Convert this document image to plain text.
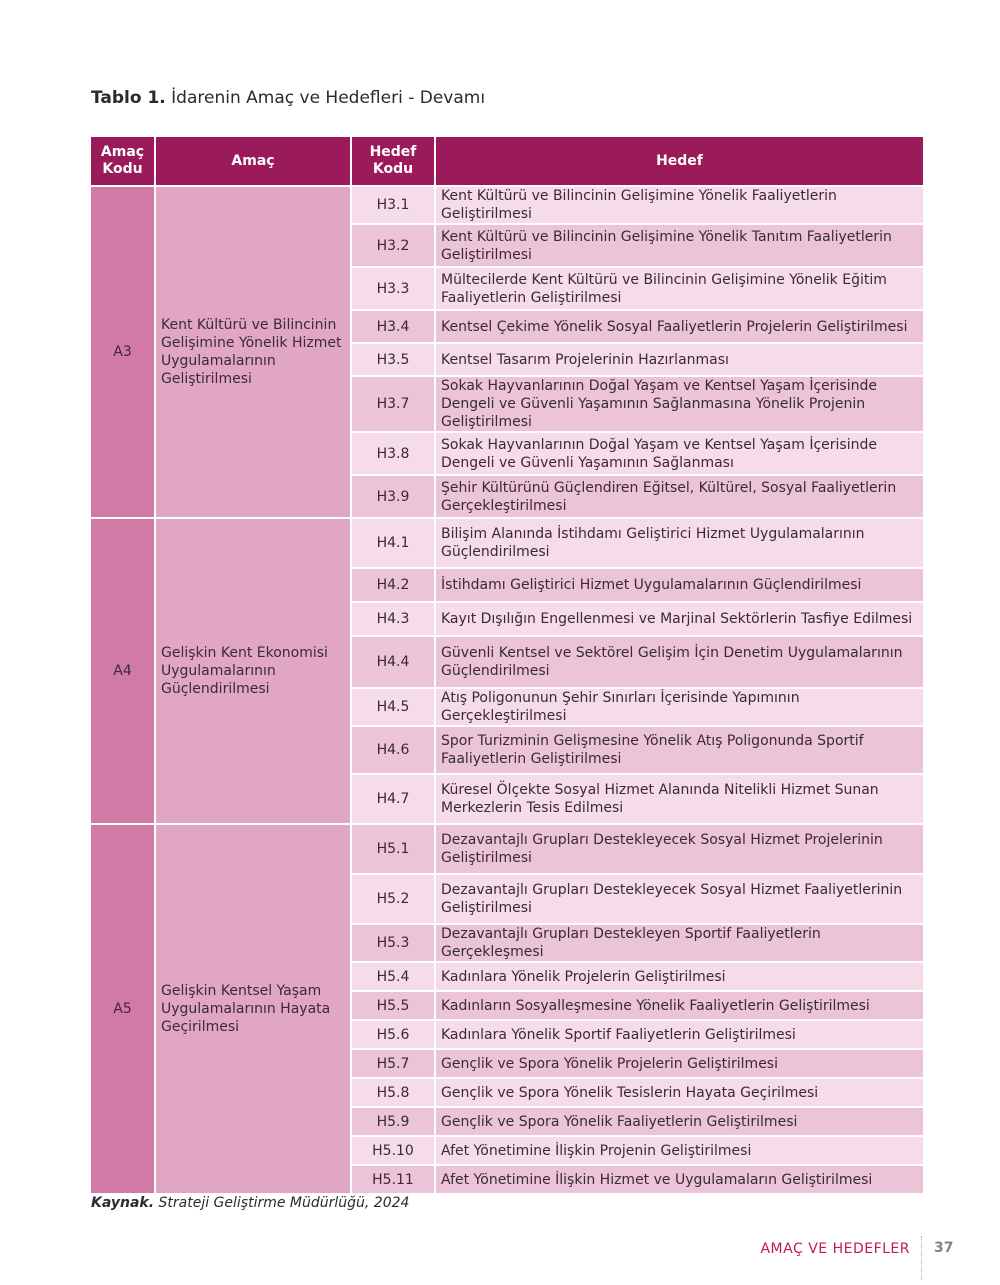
Tablo 1. İdarenin Amaç ve Hedefleri - Devamı
Amaç Kodu	Amaç	Hedef Kodu	Hedef
A3	Kent Kültürü ve Bilincinin Gelişimine Yönelik Hizmet Uygulamalarının Geliştirilmesi	H3.1	Kent Kültürü ve Bilincinin Gelişimine Yönelik Faaliyetlerin Geliştirilmesi
		H3.2	Kent Kültürü ve Bilincinin Gelişimine Yönelik Tanıtım Faaliyetlerin Geliştirilmesi
		H3.3	Mültecilerde Kent Kültürü ve Bilincinin Gelişimine Yönelik Eğitim Faaliyetlerin Geliştirilmesi
		H3.4	Kentsel Çekime Yönelik Sosyal Faaliyetlerin Projelerin Geliştirilmesi
		H3.5	Kentsel Tasarım Projelerinin Hazırlanması
		H3.7	Sokak Hayvanlarının Doğal Yaşam ve Kentsel Yaşam İçerisinde Dengeli ve Güvenli Yaşamının Sağlanmasına Yönelik Projenin Geliştirilmesi
		H3.8	Sokak Hayvanlarının Doğal Yaşam ve Kentsel Yaşam İçerisinde Dengeli ve Güvenli Yaşamının Sağlanması
		H3.9	Şehir Kültürünü Güçlendiren Eğitsel, Kültürel, Sosyal Faaliyetlerin Gerçekleştirilmesi
A4	Gelişkin Kent Ekonomisi Uygulamalarının Güçlendirilmesi	H4.1	Bilişim Alanında İstihdamı Geliştirici Hizmet Uygulamalarının Güçlendirilmesi
		H4.2	İstihdamı Geliştirici Hizmet Uygulamalarının Güçlendirilmesi
		H4.3	Kayıt Dışılığın Engellenmesi ve Marjinal Sektörlerin Tasfiye Edilmesi
		H4.4	Güvenli Kentsel ve Sektörel Gelişim İçin Denetim Uygulamalarının Güçlendirilmesi
		H4.5	Atış Poligonunun Şehir Sınırları İçerisinde Yapımının Gerçekleştirilmesi
		H4.6	Spor Turizminin Gelişmesine Yönelik Atış Poligonunda Sportif Faaliyetlerin Geliştirilmesi
		H4.7	Küresel Ölçekte Sosyal Hizmet Alanında Nitelikli Hizmet Sunan Merkezlerin Tesis Edilmesi
A5	Gelişkin Kentsel Yaşam Uygulamalarının Hayata Geçirilmesi	H5.1	Dezavantajlı Grupları Destekleyecek Sosyal Hizmet Projelerinin Geliştirilmesi
		H5.2	Dezavantajlı Grupları Destekleyecek Sosyal Hizmet Faaliyetlerinin Geliştirilmesi
		H5.3	Dezavantajlı Grupları Destekleyen Sportif Faaliyetlerin Gerçekleşmesi
		H5.4	Kadınlara Yönelik Projelerin Geliştirilmesi
		H5.5	Kadınların Sosyalleşmesine Yönelik Faaliyetlerin Geliştirilmesi
		H5.6	Kadınlara Yönelik Sportif Faaliyetlerin Geliştirilmesi
		H5.7	Gençlik ve Spora Yönelik Projelerin Geliştirilmesi
		H5.8	Gençlik ve Spora Yönelik Tesislerin Hayata Geçirilmesi
		H5.9	Gençlik ve Spora Yönelik Faaliyetlerin Geliştirilmesi
		H5.10	Afet Yönetimine İlişkin Projenin Geliştirilmesi
		H5.11	Afet Yönetimine İlişkin Hizmet ve Uygulamaların Geliştirilmesi
Kaynak. Strateji Geliştirme Müdürlüğü, 2024
AMAÇ VE HEDEFLER 37
